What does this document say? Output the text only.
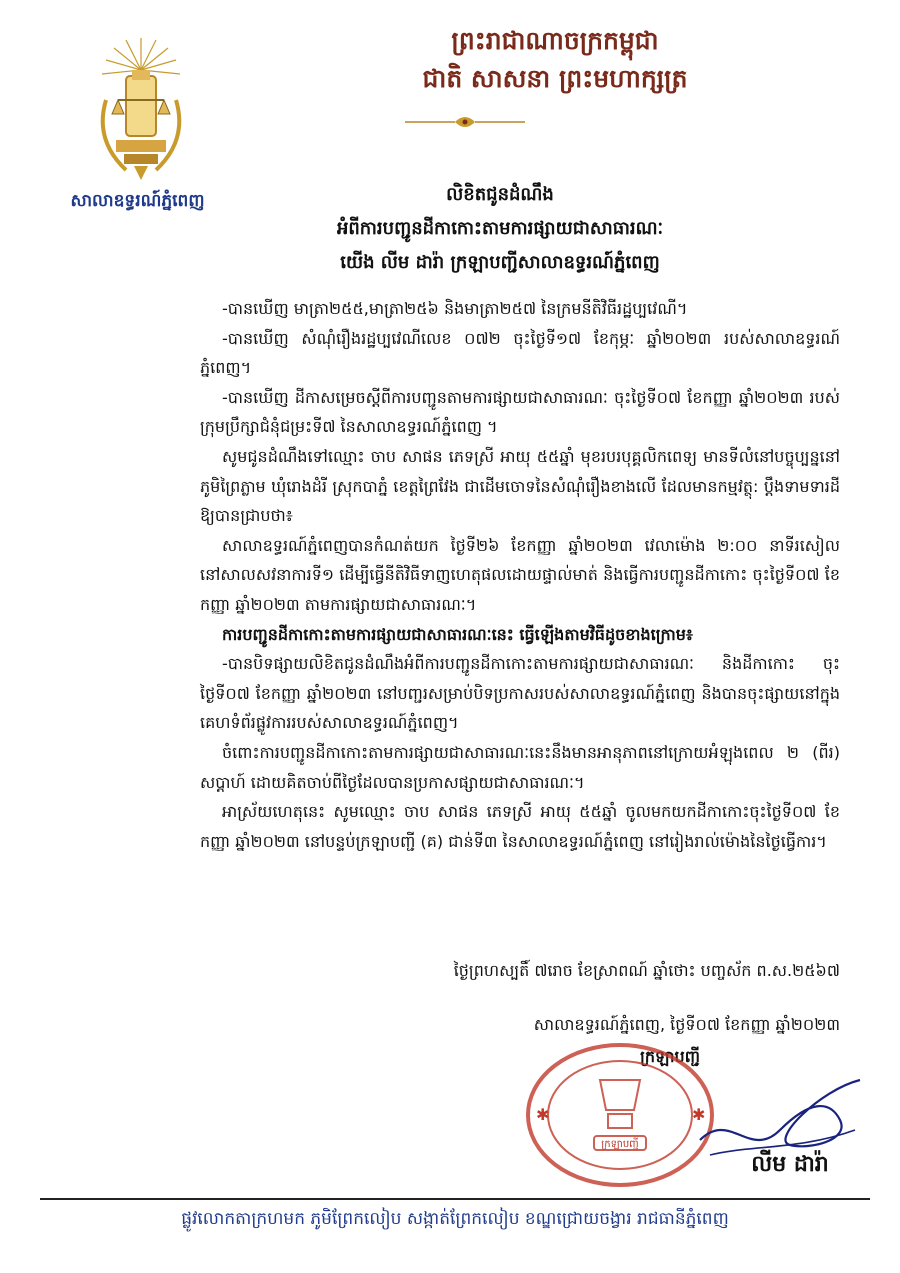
សាលាឧទ្ធរណ៍ភ្នំពេញ
ព្រះរាជាណាចក្រកម្ពុជា
ជាតិ សាសនា ព្រះមហាក្សត្រ
លិខិតជូនដំណឹង
អំពីការបញ្ជូនដីកាកោះតាមការផ្សាយជាសាធារណៈ
យើង លីម ដារ៉ា ក្រឡាបញ្ជីសាលាឧទ្ធរណ៍ភ្នំពេញ

-បានឃើញ មាត្រា២៥៥,មាត្រា២៥៦ និងមាត្រា២៥៧ នៃក្រមនីតិវិធីរដ្ឋប្បវេណី។

-បានឃើញ សំណុំរឿងរដ្ឋប្បវេណីលេខ ០៧២ ចុះថ្ងៃទី១៧ ខែកុម្ភៈ ឆ្នាំ២០២៣ របស់សាលាឧទ្ធរណ៍ភ្នំពេញ។

-បានឃើញ ដីកាសម្រេចស្តីពីការបញ្ជូនតាមការផ្សាយជាសាធារណៈ ចុះថ្ងៃទី០៧ ខែកញ្ញា ឆ្នាំ២០២៣ របស់ក្រុមប្រឹក្សាជំនុំជម្រះទី៧ នៃសាលាឧទ្ធរណ៍ភ្នំពេញ ។

សូមជូនដំណឹងទៅឈ្មោះ ចាប សាផន ភេទស្រី អាយុ ៥៥ឆ្នាំ មុខរបរបុគ្គលិកពេទ្យ មានទីលំនៅបច្ចុប្បន្ននៅភូមិព្រៃភ្លាម ឃុំរោងដំរី ស្រុកបាភ្នំ ខេត្តព្រៃវែង ជាដើមចោទនៃសំណុំរឿងខាងលើ ដែលមានកម្មវត្ថុ: ប្តឹងទាមទារដី ឱ្យបានជ្រាបថា៖

សាលាឧទ្ធរណ៍ភ្នំពេញបានកំណត់យក ថ្ងៃទី២៦ ខែកញ្ញា ឆ្នាំ២០២៣ វេលាម៉ោង ២:០០ នាទីរសៀល នៅសាលសវនាការទី១ ដើម្បីធ្វើនីតិវិធីទាញហេតុផលដោយផ្ទាល់មាត់ និងធ្វើការបញ្ជូនដីកាកោះ ចុះថ្ងៃទី០៧ ខែកញ្ញា ឆ្នាំ២០២៣ តាមការផ្សាយជាសាធារណៈ។

ការបញ្ជូនដីកាកោះតាមការផ្សាយជាសាធារណៈនេះ ធ្វើឡើងតាមវិធីដូចខាងក្រោម៖

-បានបិទផ្សាយលិខិតជូនដំណឹងអំពីការបញ្ជូនដីកាកោះតាមការផ្សាយជាសាធារណៈ និងដីកាកោះ ចុះថ្ងៃទី០៧ ខែកញ្ញា ឆ្នាំ២០២៣ នៅបញ្ជរសម្រាប់បិទប្រកាសរបស់សាលាឧទ្ធរណ៍ភ្នំពេញ និងបានចុះផ្សាយនៅក្នុងគេហទំព័រផ្លូវការរបស់សាលាឧទ្ធរណ៍ភ្នំពេញ។

ចំពោះការបញ្ជូនដីកាកោះតាមការផ្សាយជាសាធារណៈនេះនឹងមានអានុភាពនៅក្រោយអំឡុងពេល ២ (ពីរ) សប្តាហ៍ ដោយគិតចាប់ពីថ្ងៃដែលបានប្រកាសផ្សាយជាសាធារណៈ។

អាស្រ័យហេតុនេះ សូមឈ្មោះ ចាប សាផន ភេទស្រី អាយុ ៥៥ឆ្នាំ ចូលមកយកដីកាកោះចុះថ្ងៃទី០៧ ខែកញ្ញា ឆ្នាំ២០២៣ នៅបន្ទប់ក្រឡាបញ្ជី (គ) ជាន់ទី៣ នៃសាលាឧទ្ធរណ៍ភ្នំពេញ នៅរៀងរាល់ម៉ោងនៃថ្ងៃធ្វើការ។

ថ្ងៃព្រហស្បតិ៍ ៧រោច ខែស្រាពណ៍ ឆ្នាំថោះ បញ្ចស័ក ព.ស.២៥៦៧
សាលាឧទ្ធរណ៍ភ្នំពេញ, ថ្ងៃទី០៧ ខែកញ្ញា ឆ្នាំ២០២៣
ក្រឡាបញ្ជី
ក្រឡាបញ្ជី
✱	✱
លីម ដារ៉ា
ផ្លូវលោកតាក្រហមក ភូមិព្រែកលៀប សង្កាត់ព្រែកលៀប ខណ្ឌជ្រោយចង្វារ រាជធានីភ្នំពេញ
